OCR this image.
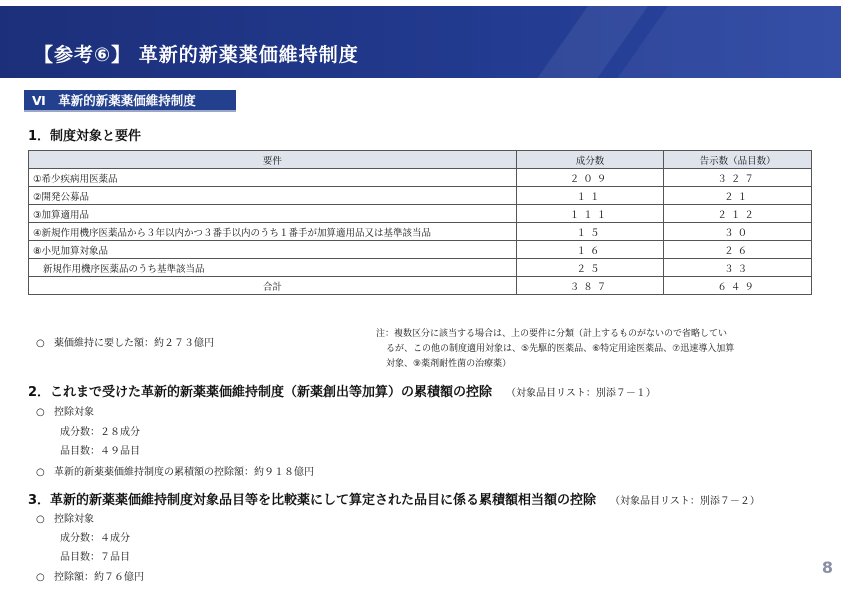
【参考⑥】 革新的新薬薬価維持制度
Ⅵ　革新的新薬薬価維持制度
1．制度対象と要件
要件	成分数	告示数（品目数）
①希少疾病用医薬品	２０９	３２７
②開発公募品	１１	２１
③加算適用品	１１１	２１２
④新規作用機序医薬品から３年以内かつ３番手以内のうち１番手が加算適用品又は基準該当品	１５	３０
⑧小児加算対象品	１６	２６
新規作用機序医薬品のうち基準該当品	２５	３３
合計	３８７	６４９
○ 薬価維持に要した額：約２７３億円
注：複数区分に該当する場合は、上の要件に分類（計上するものがないので省略してい
るが、この他の制度適用対象は、⑤先駆的医薬品、⑥特定用途医薬品、⑦迅速導入加算
対象、⑨薬剤耐性菌の治療薬）
2．これまで受けた革新的新薬薬価維持制度（新薬創出等加算）の累積額の控除 （対象品目リスト：別添７－１）
○ 控除対象
成分数：２８成分
品目数：４９品目
○ 革新的新薬薬価維持制度の累積額の控除額：約９１８億円
3．革新的新薬薬価維持制度対象品目等を比較薬にして算定された品目に係る累積額相当額の控除 （対象品目リスト：別添７－２）
○ 控除対象
成分数：４成分
品目数：７品目
○ 控除額：約７６億円
8
